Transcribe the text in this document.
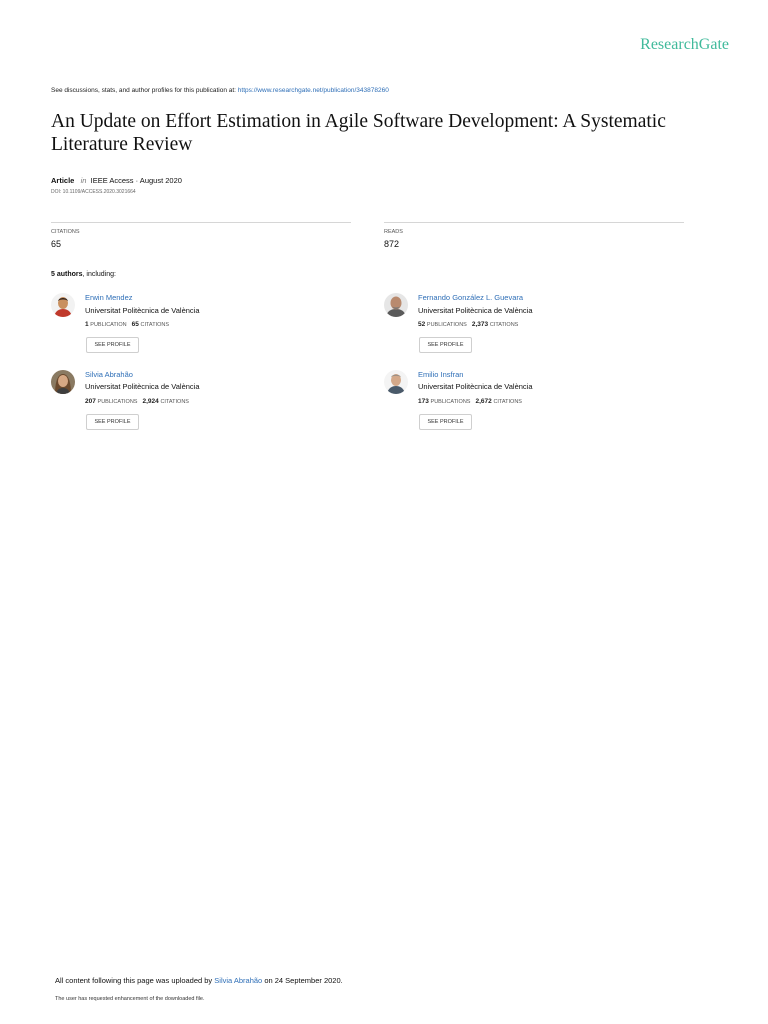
ResearchGate
See discussions, stats, and author profiles for this publication at: https://www.researchgate.net/publication/343878260
An Update on Effort Estimation in Agile Software Development: A Systematic Literature Review
Article in IEEE Access · August 2020
DOI: 10.1109/ACCESS.2020.3021664
CITATIONS
65
READS
872
5 authors, including:
Erwin Mendez
Universitat Politècnica de València
1 PUBLICATION 65 CITATIONS
SEE PROFILE
Fernando González L. Guevara
Universitat Politècnica de València
52 PUBLICATIONS 2,373 CITATIONS
SEE PROFILE
Silvia Abrahão
Universitat Politècnica de València
207 PUBLICATIONS 2,924 CITATIONS
SEE PROFILE
Emilio Insfran
Universitat Politècnica de València
173 PUBLICATIONS 2,672 CITATIONS
SEE PROFILE
All content following this page was uploaded by Silvia Abrahão on 24 September 2020.
The user has requested enhancement of the downloaded file.
